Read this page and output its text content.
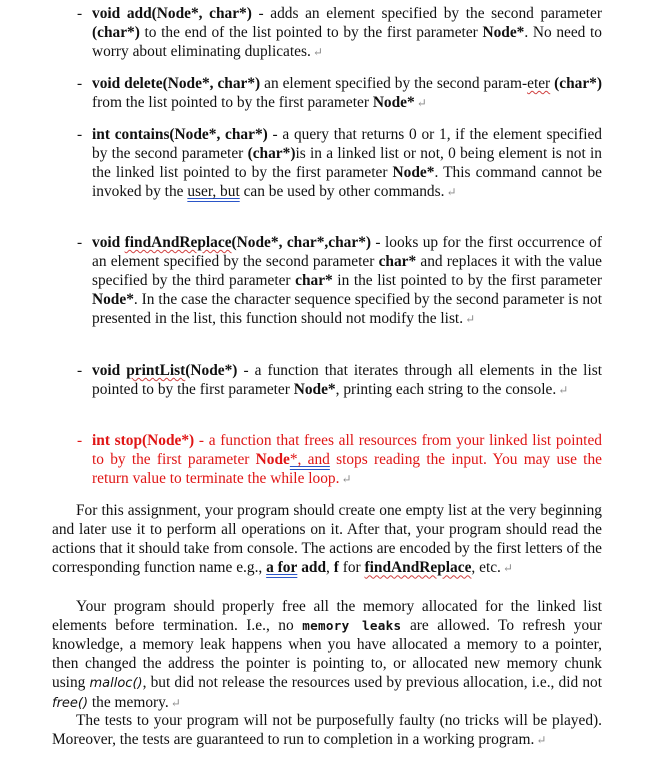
- void add(Node*, char*) - adds an element specified by the second parameter (char*) to the end of the list pointed to by the first parameter Node*. No need to worry about eliminating duplicates. ↵
- void delete(Node*, char*) an element specified by the second param-eter (char*) from the list pointed to by the first parameter Node* ↵
- int contains(Node*, char*) - a query that returns 0 or 1, if the element specified by the second parameter (char*)is in a linked list or not, 0 being element is not in the linked list pointed to by the first parameter Node*. This command cannot be invoked by the user, but can be used by other commands. ↵
- void findAndReplace(Node*, char*,char*) - looks up for the first occurrence of an element specified by the second parameter char* and replaces it with the value specified by the third parameter char* in the list pointed to by the first parameter Node*. In the case the character sequence specified by the second parameter is not presented in the list, this function should not modify the list. ↵
- void printList(Node*) - a function that iterates through all elements in the list pointed to by the first parameter Node*, printing each string to the console. ↵
- int stop(Node*) - a function that frees all resources from your linked list pointed to by the first parameter Node*, and stops reading the input. You may use the return value to terminate the while loop. ↵
For this assignment, your program should create one empty list at the very beginning and later use it to perform all operations on it. After that, your program should read the actions that it should take from console. The actions are encoded by the first letters of the corresponding function name e.g., a for add, f for findAndReplace, etc. ↵
Your program should properly free all the memory allocated for the linked list elements before termination. I.e., no memory leaks are allowed. To refresh your knowledge, a memory leak happens when you have allocated a memory to a pointer, then changed the address the pointer is pointing to, or allocated new memory chunk using malloc(), but did not release the resources used by previous allocation, i.e., did not free() the memory. ↵
The tests to your program will not be purposefully faulty (no tricks will be played). Moreover, the tests are guaranteed to run to completion in a working program. ↵
